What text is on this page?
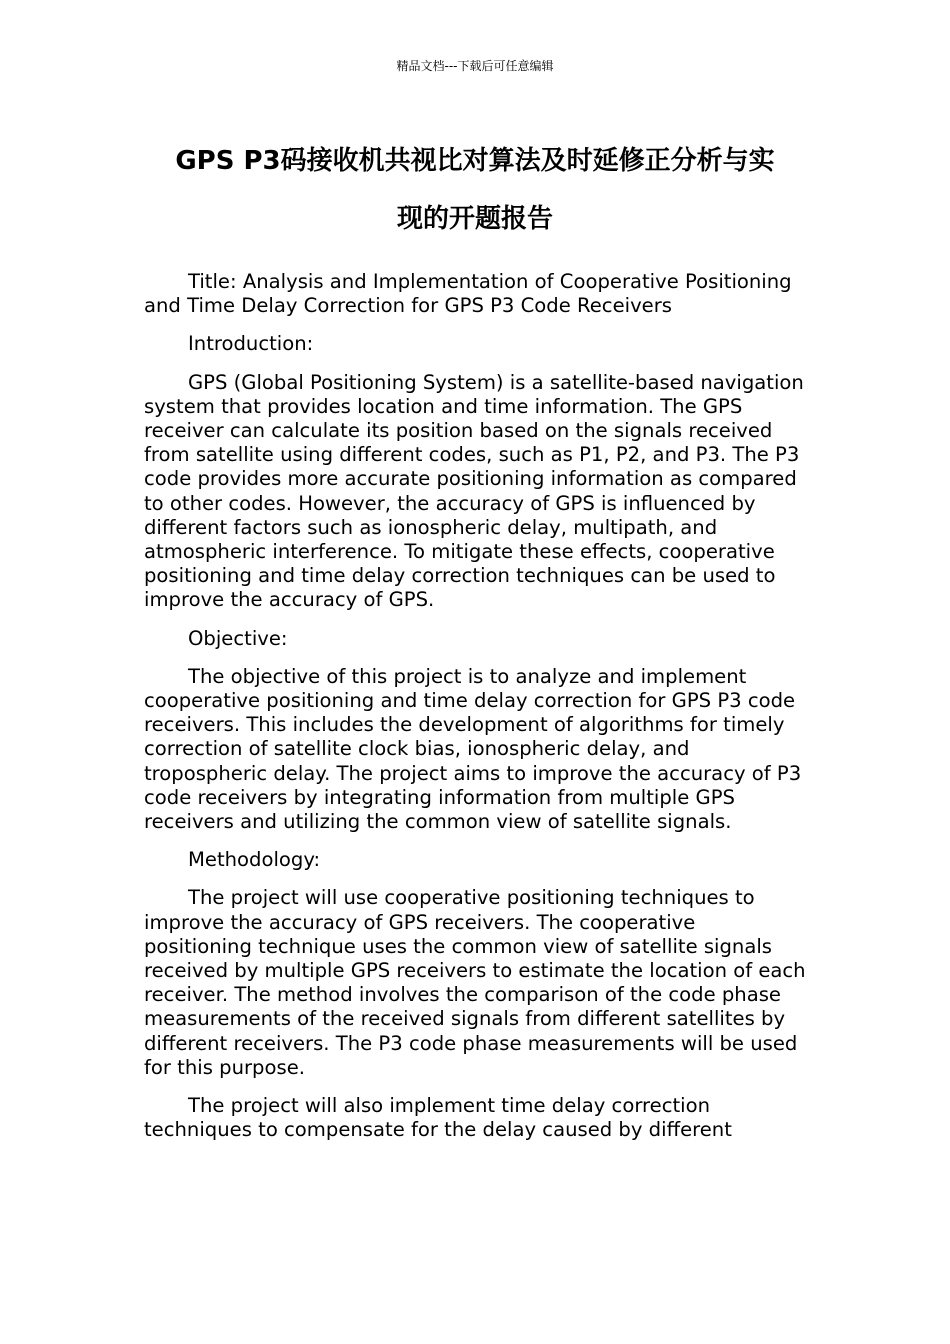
精品文档---下载后可任意编辑
GPS P3码接收机共视比对算法及时延修正分析与实
现的开题报告

Title: Analysis and Implementation of Cooperative Positioning and Time Delay Correction for GPS P3 Code Receivers

Introduction:

GPS (Global Positioning System) is a satellite-based navigation system that provides location and time information. The GPS receiver can calculate its position based on the signals received from satellite using different codes, such as P1, P2, and P3. The P3 code provides more accurate positioning information as compared to other codes. However, the accuracy of GPS is influenced by different factors such as ionospheric delay, multipath, and atmospheric interference. To mitigate these effects, cooperative positioning and time delay correction techniques can be used to improve the accuracy of GPS.

Objective:

The objective of this project is to analyze and implement cooperative positioning and time delay correction for GPS P3 code receivers. This includes the development of algorithms for timely correction of satellite clock bias, ionospheric delay, and tropospheric delay. The project aims to improve the accuracy of P3 code receivers by integrating information from multiple GPS receivers and utilizing the common view of satellite signals.

Methodology:

The project will use cooperative positioning techniques to improve the accuracy of GPS receivers. The cooperative positioning technique uses the common view of satellite signals received by multiple GPS receivers to estimate the location of each receiver. The method involves the comparison of the code phase measurements of the received signals from different satellites by different receivers. The P3 code phase measurements will be used for this purpose.

The project will also implement time delay correction techniques to compensate for the delay caused by different
